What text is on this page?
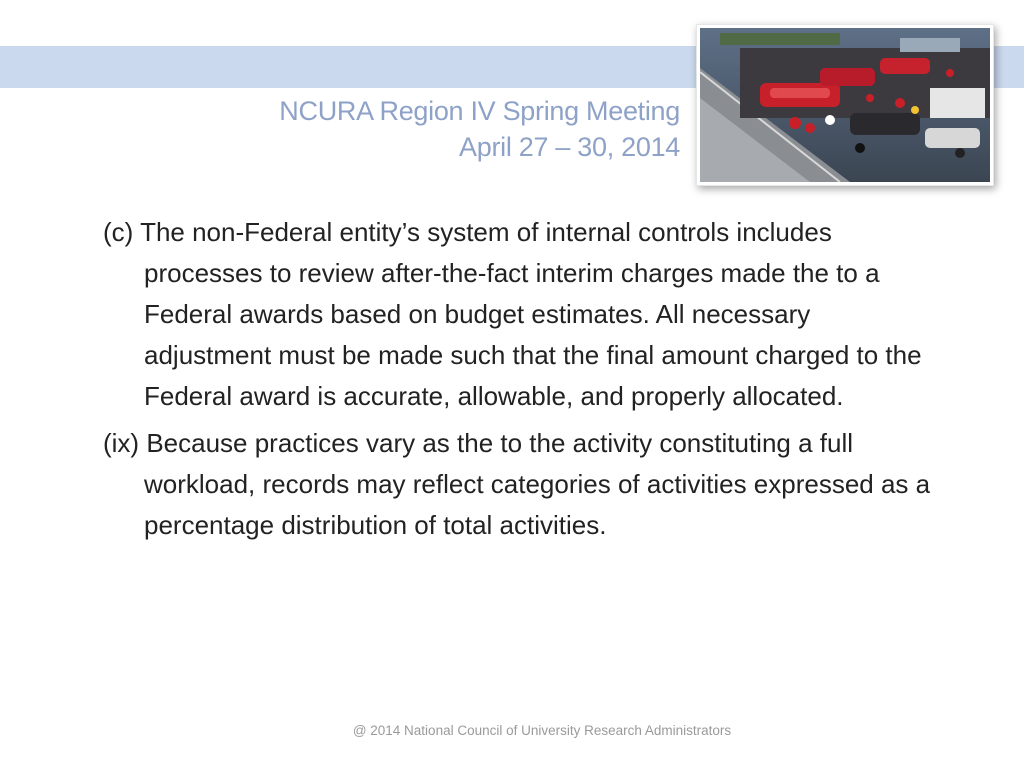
NCURA Region IV Spring Meeting
April 27 – 30, 2014

(c) The non-Federal entity’s system of internal controls includes processes to review after-the-fact interim charges made the to a Federal awards based on budget estimates. All necessary adjustment must be made such that the final amount charged to the Federal award is accurate, allowable, and properly allocated.

(ix) Because practices vary as the to the activity constituting a full workload, records may reflect categories of activities expressed as a percentage distribution of total activities.

@ 2014 National Council of University Research Administrators
